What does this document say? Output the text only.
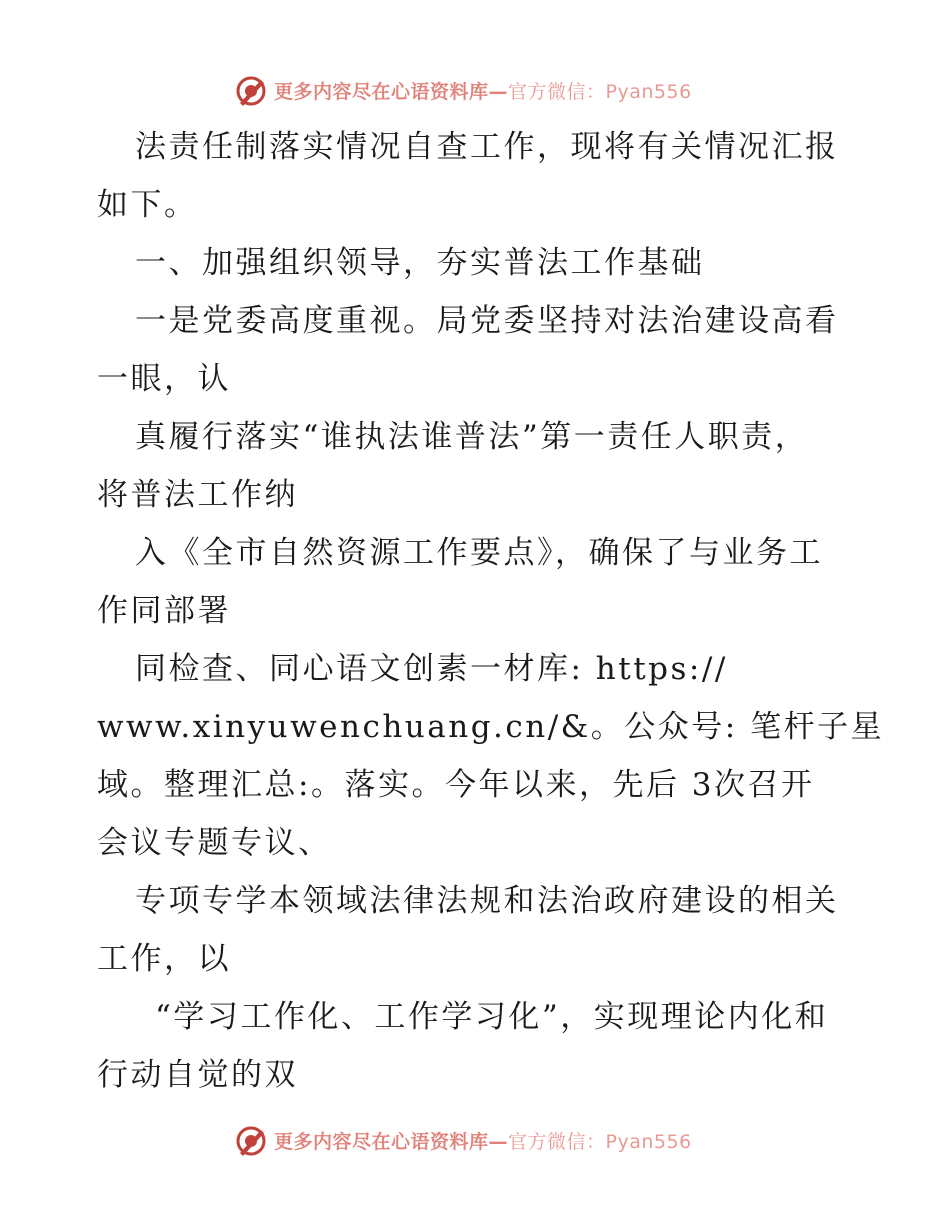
更多内容尽在心语资料库—官方微信：Pyan556
法责任制落实情况自查工作，现将有关情况汇报
如下。
一、加强组织领导，夯实普法工作基础
一是党委高度重视。局党委坚持对法治建设高看
一眼，认
真履行落实“谁执法谁普法”第一责任人职责，
将普法工作纳
入《全市自然资源工作要点》，确保了与业务工
作同部署
同检查、同心语文创素一材库: https://
www.xinyuwenchuang.cn/&。公众号: 笔杆子星
域。整理汇总:。落实。今年以来，先后 3次召开
会议专题专议、
专项专学本领域法律法规和法治政府建设的相关
工作，以
“学习工作化、工作学习化”，实现理论内化和
行动自觉的双
更多内容尽在心语资料库—官方微信：Pyan556
